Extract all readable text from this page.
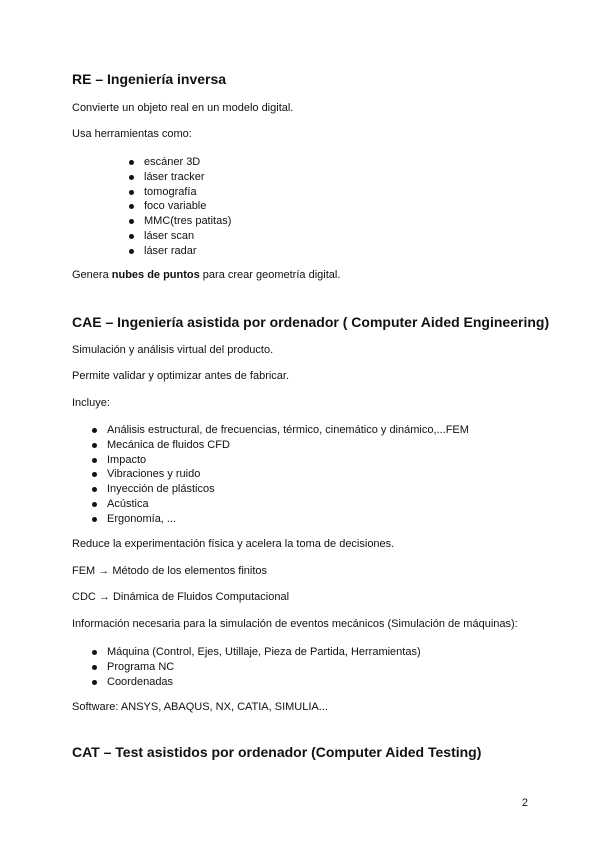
RE – Ingeniería inversa

Convierte un objeto real en un modelo digital.

Usa herramientas como:

escáner 3D
láser tracker
tomografía
foco variable
MMC(tres patitas)
láser scan
láser radar

Genera nubes de puntos para crear geometría digital.

CAE – Ingeniería asistida por ordenador ( Computer Aided Engineering)

Simulación y análisis virtual del producto.

Permite validar y optimizar antes de fabricar.

Incluye:

Análisis estructural, de frecuencias, térmico, cinemático y dinámico,...FEM
Mecánica de fluidos CFD
Impacto
Vibraciones y ruido
Inyección de plásticos
Acústica
Ergonomía, ...

Reduce la experimentación física y acelera la toma de decisiones.

FEM → Método de los elementos finitos

CDC → Dinámica de Fluidos Computacional

Información necesaria para la simulación de eventos mecánicos (Simulación de máquinas):

Máquina (Control, Ejes, Utillaje, Pieza de Partida, Herramientas)
Programa NC
Coordenadas

Software: ANSYS, ABAQUS, NX, CATIA, SIMULIA...

CAT – Test asistidos por ordenador (Computer Aided Testing)
2
